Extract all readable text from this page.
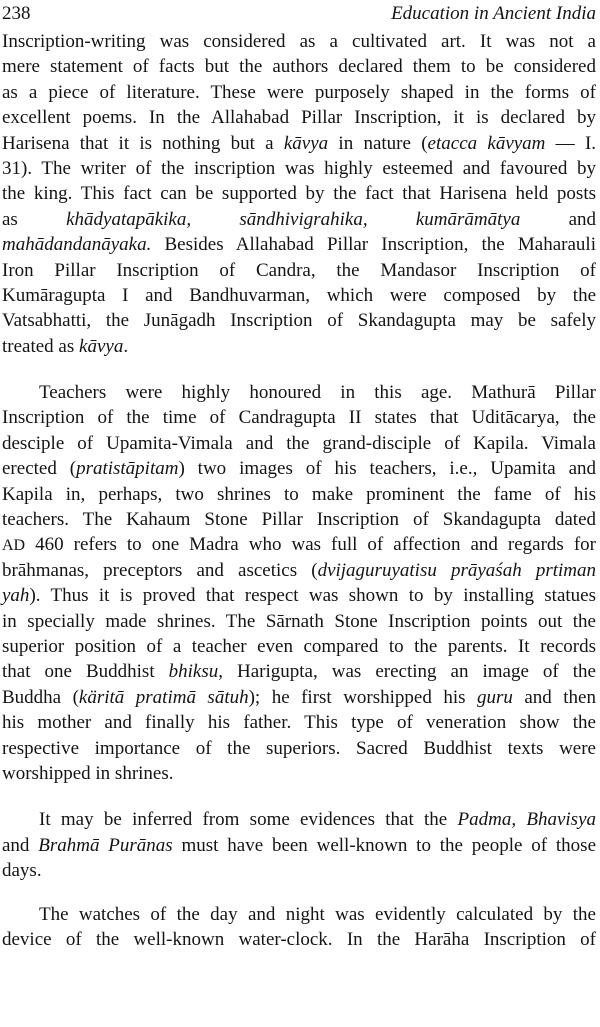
238	Education in Ancient India
Inscription-writing was considered as a cultivated art. It was not a
mere statement of facts but the authors declared them to be considered
as a piece of literature. These were purposely shaped in the forms of
excellent poems. In the Allahabad Pillar Inscription, it is declared by
Harisena that it is nothing but a kāvya in nature (etacca kāvyam — I.
31). The writer of the inscription was highly esteemed and favoured by
the king. This fact can be supported by the fact that Harisena held posts
as khādyatapākika, sāndhivigrahika, kumārāmātya and
mahādandanāyaka. Besides Allahabad Pillar Inscription, the Maharauli
Iron Pillar Inscription of Candra, the Mandasor Inscription of
Kumāragupta I and Bandhuvarman, which were composed by the
Vatsabhatti, the Junāgadh Inscription of Skandagupta may be safely
treated as kāvya.
Teachers were highly honoured in this age. Mathurā Pillar
Inscription of the time of Candragupta II states that Uditācarya, the
desciple of Upamita-Vimala and the grand-disciple of Kapila. Vimala
erected (pratistāpitam) two images of his teachers, i.e., Upamita and
Kapila in, perhaps, two shrines to make prominent the fame of his
teachers. The Kahaum Stone Pillar Inscription of Skandagupta dated
AD 460 refers to one Madra who was full of affection and regards for
brāhmanas, preceptors and ascetics (dvijaguruyatisu prāyaśah prtiman
yah). Thus it is proved that respect was shown to by installing statues
in specially made shrines. The Sārnath Stone Inscription points out the
superior position of a teacher even compared to the parents. It records
that one Buddhist bhiksu, Harigupta, was erecting an image of the
Buddha (käritā pratimā sātuh); he first worshipped his guru and then
his mother and finally his father. This type of veneration show the
respective importance of the superiors. Sacred Buddhist texts were
worshipped in shrines.
It may be inferred from some evidences that the Padma, Bhavisya
and Brahmā Purānas must have been well-known to the people of those
days.
The watches of the day and night was evidently calculated by the
device of the well-known water-clock. In the Harāha Inscription of
